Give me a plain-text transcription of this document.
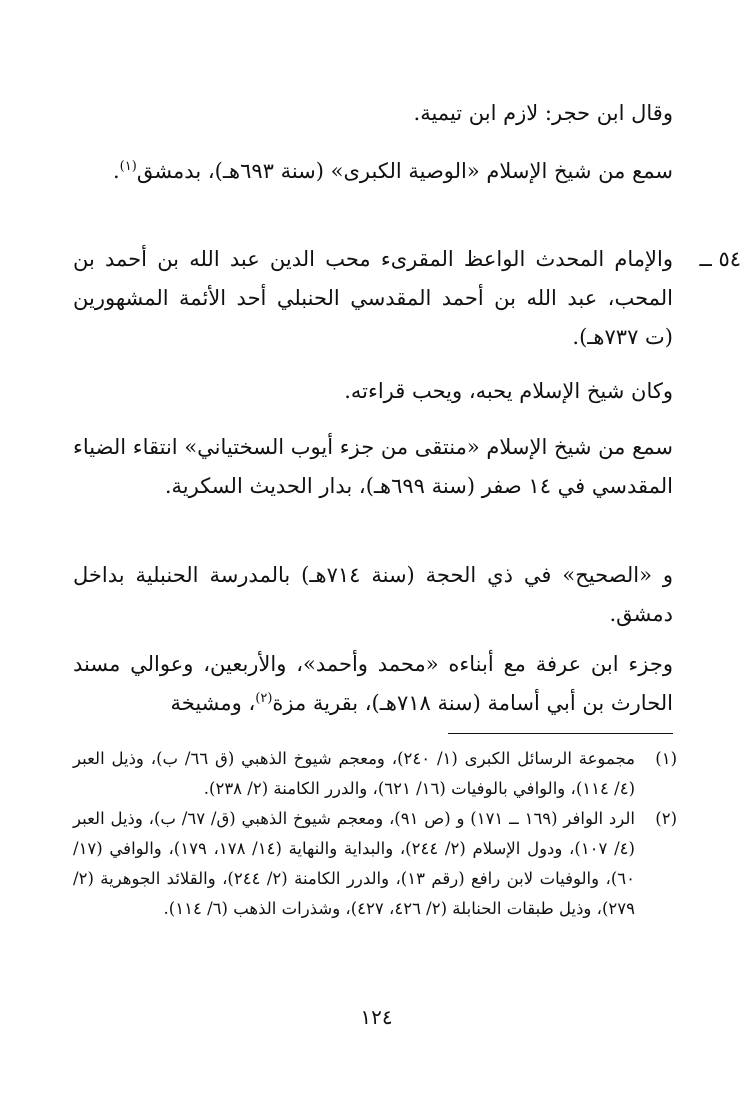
وقال ابن حجر: لازم ابن تيمية.
سمع من شيخ الإسلام «الوصية الكبرى» (سنة ٦٩٣هـ)، بدمشق$^{(١)}$.
٥٤ ــ
والإمام المحدث الواعظ المقرىء محب الدين عبد الله بن أحمد بن المحب، عبد الله بن أحمد المقدسي الحنبلي أحد الأئمة المشهورين (ت ٧٣٧هـ).
وكان شيخ الإسلام يحبه، ويحب قراءته.
سمع من شيخ الإسلام «منتقى من جزء أيوب السختياني» انتقاء الضياء المقدسي في ١٤ صفر (سنة ٦٩٩هـ)، بدار الحديث السكرية.
و «الصحيح» في ذي الحجة (سنة ٧١٤هـ) بالمدرسة الحنبلية بداخل دمشق.
وجزء ابن عرفة مع أبناءه «محمد وأحمد»، والأربعين، وعوالي مسند الحارث بن أبي أسامة (سنة ٧١٨هـ)، بقرية مزة$^{(٢)}$، ومشيخة
(١)
مجموعة الرسائل الكبرى (١/ ٢٤٠)، ومعجم شيوخ الذهبي (ق ٦٦/ ب)، وذيل العبر (٤/ ١١٤)، والوافي بالوفيات (١٦/ ٦٢١)، والدرر الكامنة (٢/ ٢٣٨).
(٢)
الرد الوافر (١٦٩ ــ ١٧١) و (ص ٩١)، ومعجم شيوخ الذهبي (ق/ ٦٧/ ب)، وذيل العبر (٤/ ١٠٧)، ودول الإسلام (٢/ ٢٤٤)، والبداية والنهاية (١٤/ ١٧٨، ١٧٩)، والوافي (١٧/ ٦٠)، والوفيات لابن رافع (رقم ١٣)، والدرر الكامنة (٢/ ٢٤٤)، والقلائد الجوهرية (٢/ ٢٧٩)، وذيل طبقات الحنابلة (٢/ ٤٢٦، ٤٢٧)، وشذرات الذهب (٦/ ١١٤).
١٢٤
